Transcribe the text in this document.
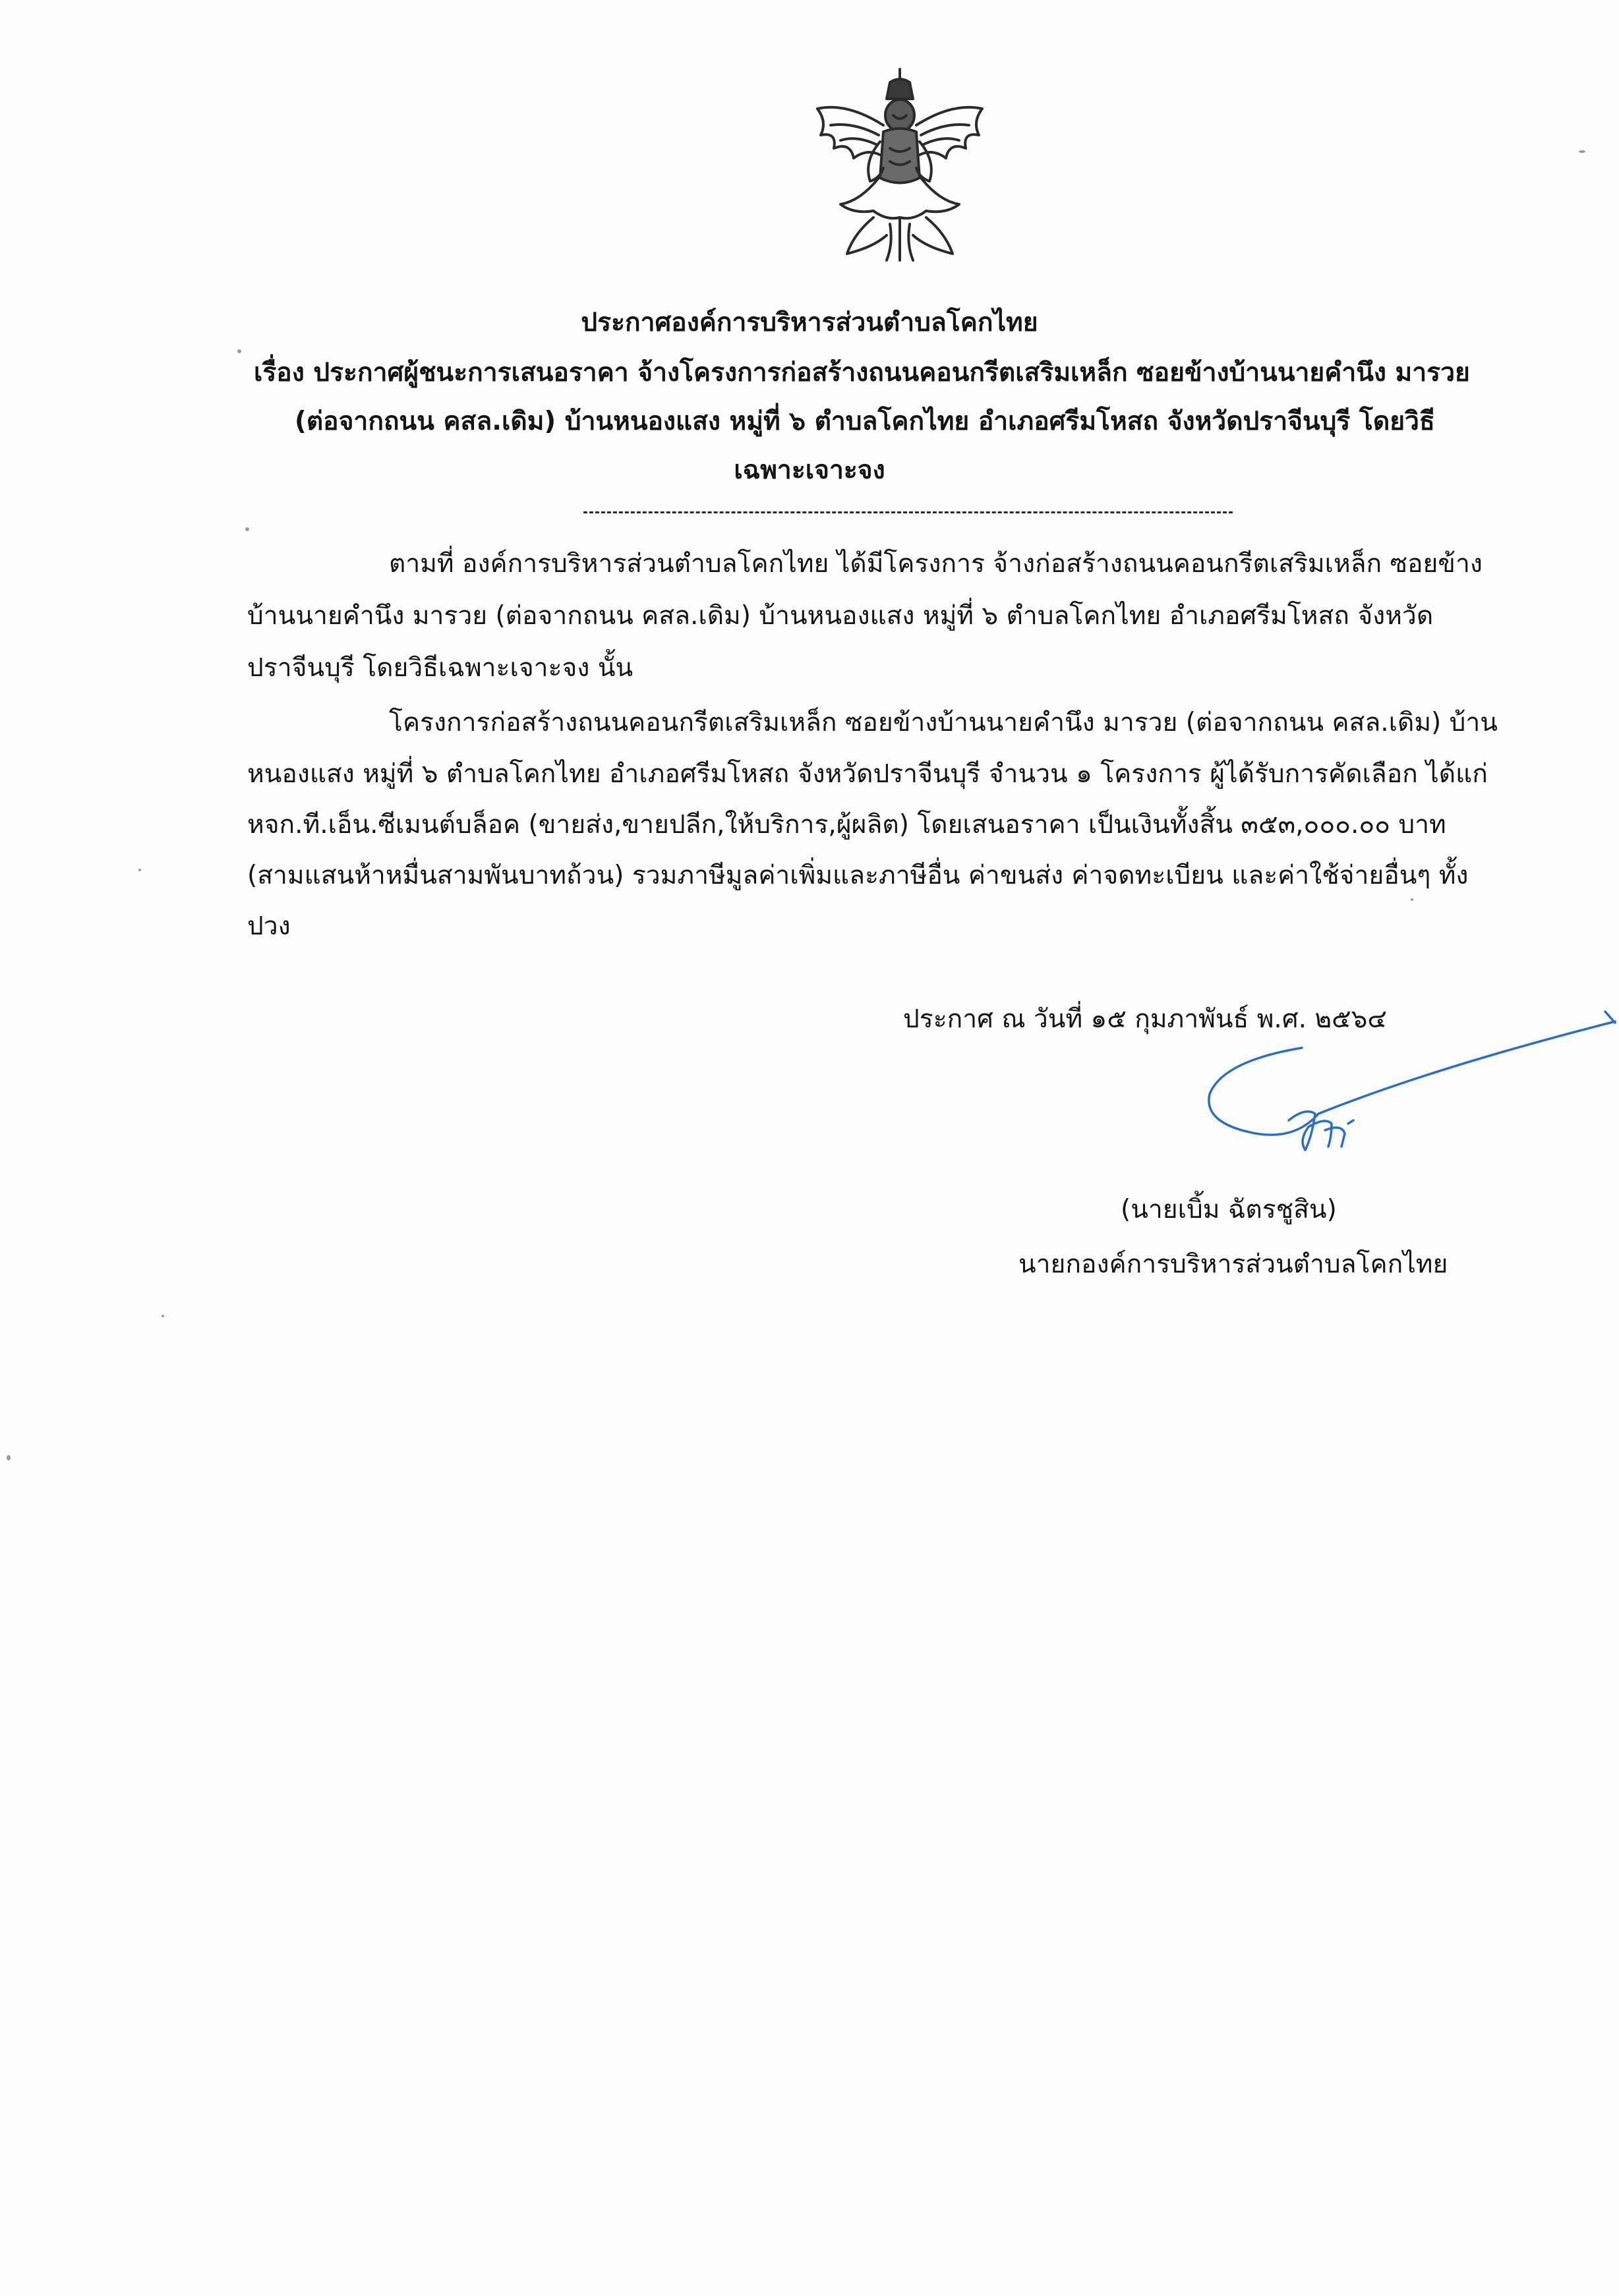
ประกาศองค์การบริหารส่วนตำบลโคกไทย
เรื่อง ประกาศผู้ชนะการเสนอราคา จ้างโครงการก่อสร้างถนนคอนกรีตเสริมเหล็ก ซอยข้างบ้านนายคำนึง มารวย
(ต่อจากถนน คสล.เดิม) บ้านหนองแสง หมู่ที่ ๖ ตำบลโคกไทย อำเภอศรีมโหสถ จังหวัดปราจีนบุรี โดยวิธี
เฉพาะเจาะจง
ตามที่ องค์การบริหารส่วนตำบลโคกไทย ได้มีโครงการ จ้างก่อสร้างถนนคอนกรีตเสริมเหล็ก ซอยข้าง
บ้านนายคำนึง มารวย (ต่อจากถนน คสล.เดิม) บ้านหนองแสง หมู่ที่ ๖ ตำบลโคกไทย อำเภอศรีมโหสถ จังหวัด
ปราจีนบุรี โดยวิธีเฉพาะเจาะจง นั้น
โครงการก่อสร้างถนนคอนกรีตเสริมเหล็ก ซอยข้างบ้านนายคำนึง มารวย (ต่อจากถนน คสล.เดิม) บ้าน
หนองแสง หมู่ที่ ๖ ตำบลโคกไทย อำเภอศรีมโหสถ จังหวัดปราจีนบุรี จำนวน ๑ โครงการ ผู้ได้รับการคัดเลือก ได้แก่
หจก.ที.เอ็น.ซีเมนต์บล็อค (ขายส่ง,ขายปลีก,ให้บริการ,ผู้ผลิต) โดยเสนอราคา เป็นเงินทั้งสิ้น ๓๕๓,๐๐๐.๐๐ บาท
(สามแสนห้าหมื่นสามพันบาทถ้วน) รวมภาษีมูลค่าเพิ่มและภาษีอื่น ค่าขนส่ง ค่าจดทะเบียน และค่าใช้จ่ายอื่นๆ ทั้ง
ปวง
ประกาศ ณ วันที่ ๑๕ กุมภาพันธ์ พ.ศ. ๒๕๖๔
(นายเบิ้ม ฉัตรชูสิน)
นายกองค์การบริหารส่วนตำบลโคกไทย
